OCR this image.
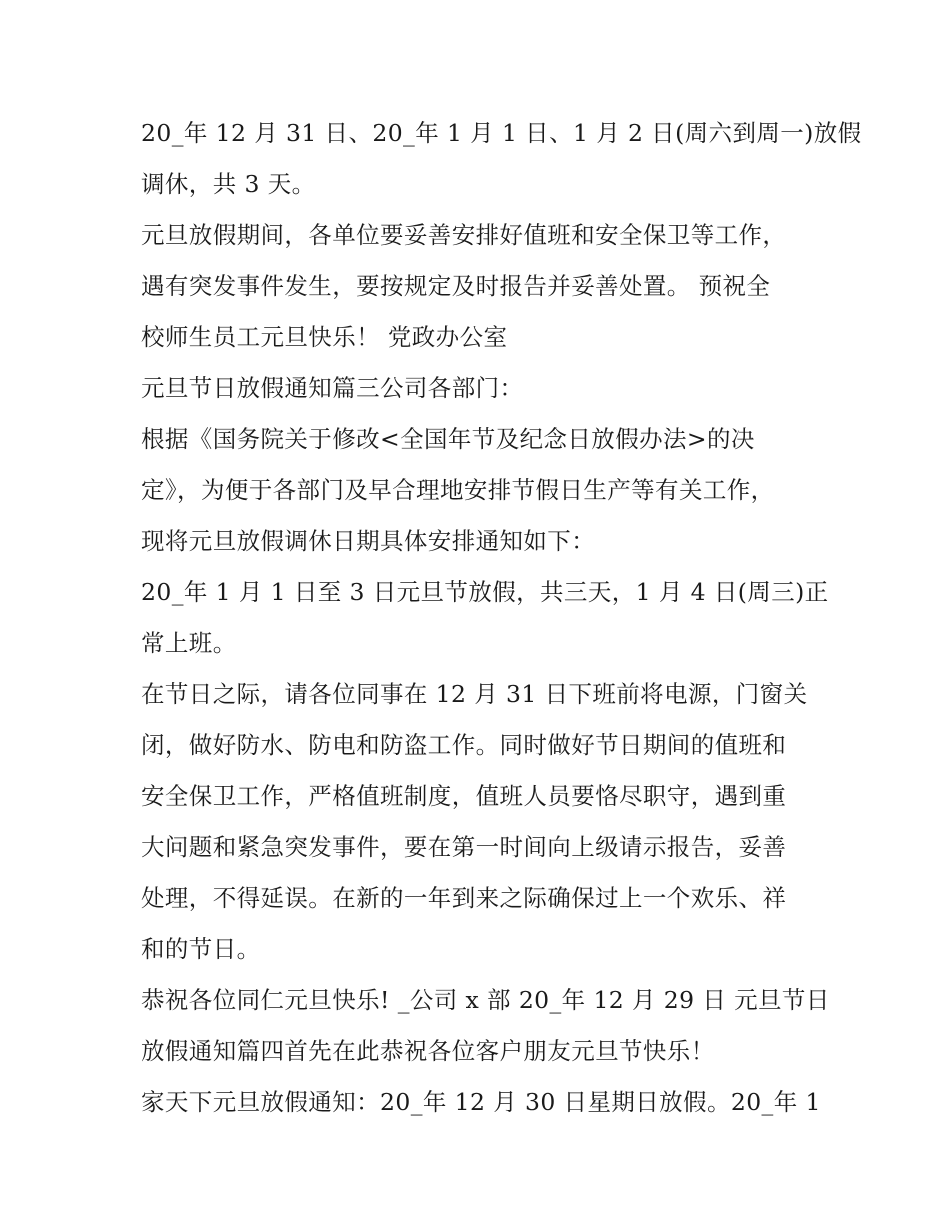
20_年 12 月 31 日、20_年 1 月 1 日、1 月 2 日(周六到周一)放假
调休，共 3 天。
元旦放假期间，各单位要妥善安排好值班和安全保卫等工作，
遇有突发事件发生，要按规定及时报告并妥善处置。 预祝全
校师生员工元旦快乐！ 党政办公室
元旦节日放假通知篇三公司各部门：
根据《国务院关于修改<全国年节及纪念日放假办法>的决
定》，为便于各部门及早合理地安排节假日生产等有关工作，
现将元旦放假调休日期具体安排通知如下：
20_年 1 月 1 日至 3 日元旦节放假，共三天，1 月 4 日(周三)正
常上班。
在节日之际，请各位同事在 12 月 31 日下班前将电源，门窗关
闭，做好防水、防电和防盗工作。同时做好节日期间的值班和
安全保卫工作，严格值班制度，值班人员要恪尽职守，遇到重
大问题和紧急突发事件，要在第一时间向上级请示报告，妥善
处理，不得延误。在新的一年到来之际确保过上一个欢乐、祥
和的节日。
恭祝各位同仁元旦快乐! _公司 x 部 20_年 12 月 29 日 元旦节日
放假通知篇四首先在此恭祝各位客户朋友元旦节快乐！
家天下元旦放假通知：20_年 12 月 30 日星期日放假。20_年 1
